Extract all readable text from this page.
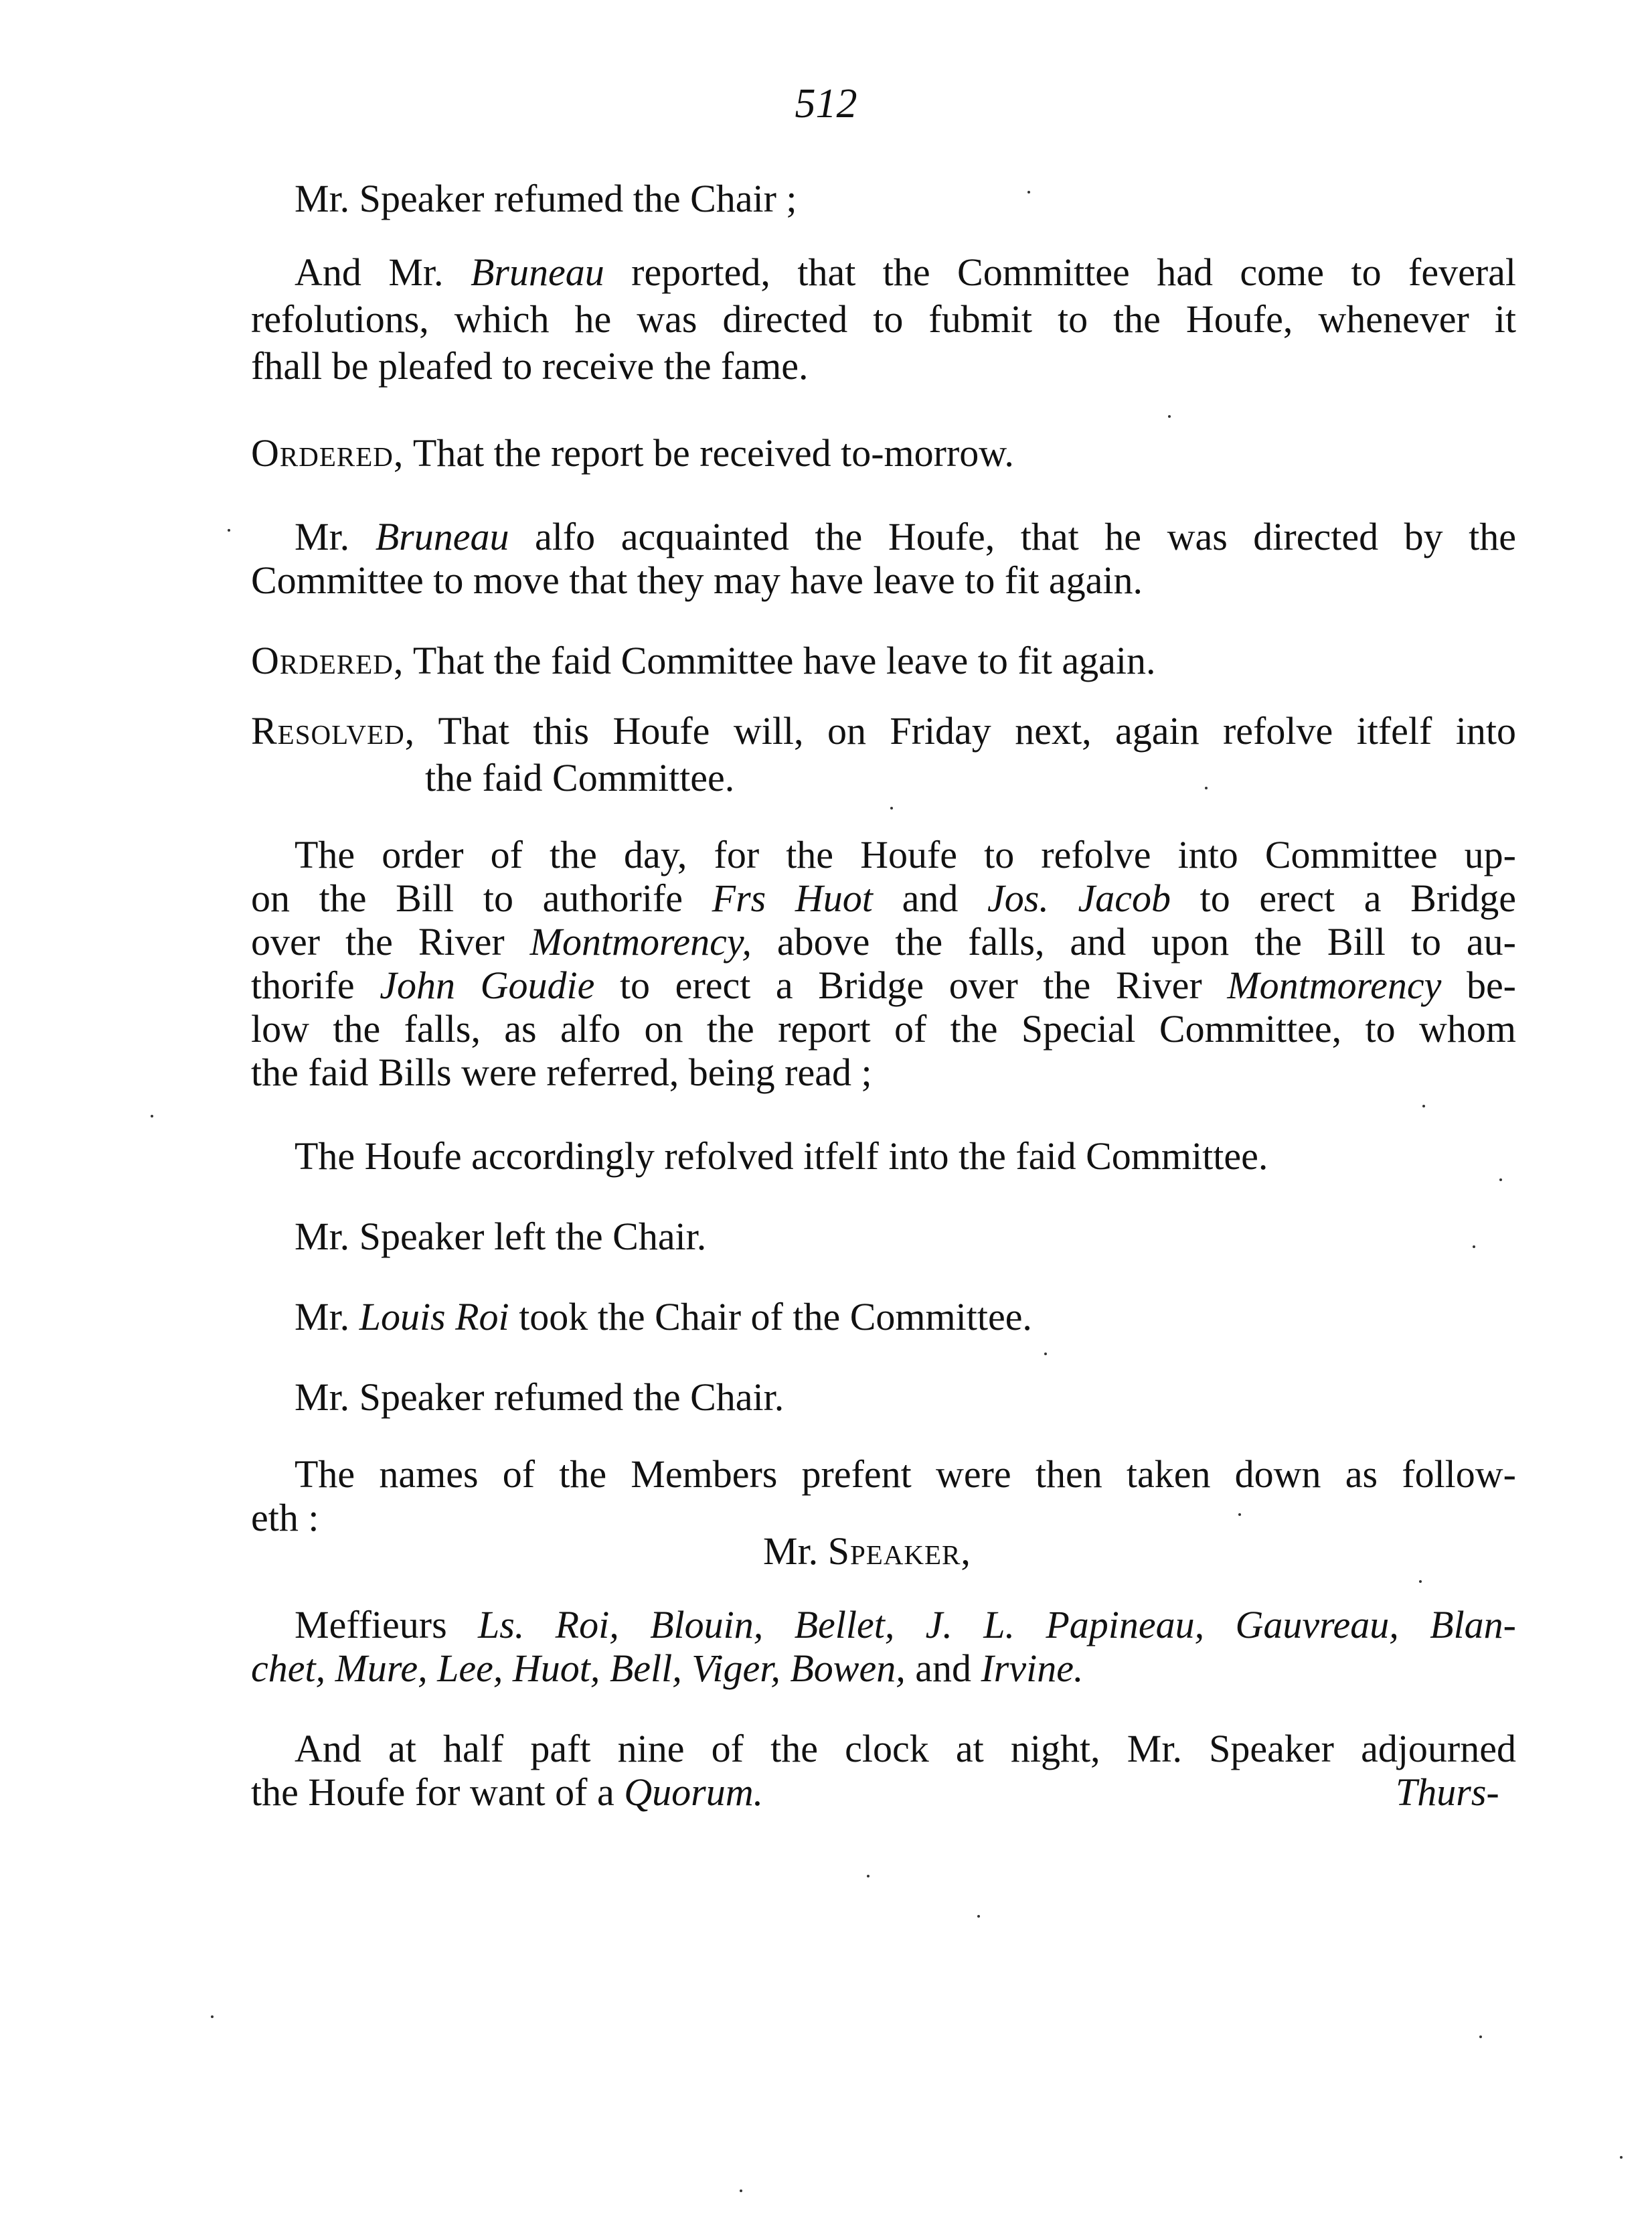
512
Mr. Speaker refumed the Chair ;
And Mr. Bruneau reported, that the Committee had come to feveral
refolutions, which he was directed to fubmit to the Houfe, whenever it
fhall be pleafed to receive the fame.
Ordered, That the report be received to-morrow.
Mr. Bruneau alfo acquainted the Houfe, that he was directed by the
Committee to move that they may have leave to fit again.
Ordered, That the faid Committee have leave to fit again.
Resolved, That this Houfe will, on Friday next, again refolve itfelf into
the faid Committee.
The order of the day, for the Houfe to refolve into Committee up-
on the Bill to authorife Frs Huot and Jos. Jacob to erect a Bridge
over the River Montmorency, above the falls, and upon the Bill to au-
thorife John Goudie to erect a Bridge over the River Montmorency be-
low the falls, as alfo on the report of the Special Committee, to whom
the faid Bills were referred, being read ;
The Houfe accordingly refolved itfelf into the faid Committee.
Mr. Speaker left the Chair.
Mr. Louis Roi took the Chair of the Committee.
Mr. Speaker refumed the Chair.
The names of the Members prefent were then taken down as follow-
eth :
Mr. Speaker,
Meffieurs Ls. Roi, Blouin, Bellet, J. L. Papineau, Gauvreau, Blan-
chet, Mure, Lee, Huot, Bell, Viger, Bowen, and Irvine.
And at half paft nine of the clock at night, Mr. Speaker adjourned
the Houfe for want of a Quorum.	Thurs-
